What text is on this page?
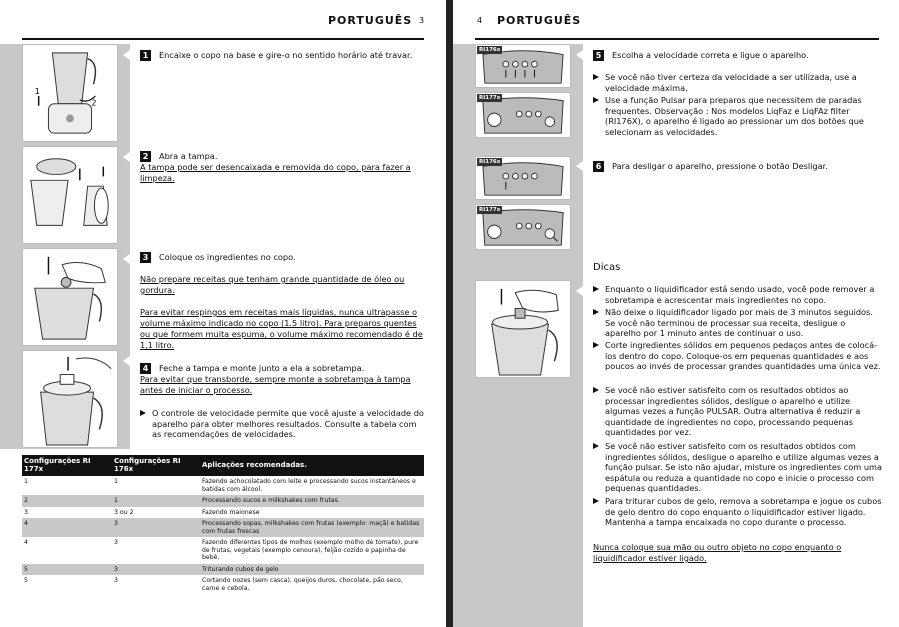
PORTUGUÊS 3
1
2
1 Encaixe o copo na base e gire-o no sentido horário até travar.
2 Abra a tampa.
A tampa pode ser desencaixada e removida do copo, para fazer a limpeza.
3 Coloque os ingredientes no copo.
Não prepare receitas que tenham grande quantidade de óleo ou gordura.
Para evitar respingos em receitas mais líquidas, nunca ultrapasse o volume máximo indicado no copo (1.5 litro). Para preparos quentes ou que formem muita espuma, o volume máximo recomendado é de 1,1 litro.
4 Feche a tampa e monte junto a ela a sobretampa.
Para evitar que transborde, sempre monte a sobretampa à tampa antes de iniciar o processo.
O controle de velocidade permite que você ajuste a velocidade do aparelho para obter melhores resultados. Consulte a tabela com as recomendações de velocidades.
Configurações RI 177x	Configurações RI 176x	Aplicações recomendadas.
1	1	Fazendo achocolatado com leite e processando sucos instantâneos e batidas com álcool.
2	1	Processando sucos e milkshakes com frutas.
3	3 ou 2	Fazendo maionese
4	3	Processando sopas, milkshakes com frutas (exemplo: maçã) e batidas com frutas frescas
4	3	Fazendo diferentes tipos de molhos (exemplo molho de tomate), pure de frutas, vegetais (exemplo cenoura), feijão cozido e papinha de bebê.
5	3	Triturando cubos de gelo
5	3	Cortando nozes (sem casca), queijos duros, chocolate, pão seco, carne e cebola.
4 PORTUGUÊS
RI176x
RI177x
RI176x
RI177x
5 Escolha a velocidade correta e ligue o aparelho.
Se você não tiver certeza da velocidade a ser utilizada, use a velocidade máxima.
Use a função Pulsar para preparos que necessitem de paradas frequentes. Observação : Nos modelos LiqFaz e LiqFAz filter (RI176X), o aparelho é ligado ao pressionar um dos botões que selecionam as velocidades.
6 Para desligar o aparelho, pressione o botão Desligar.
Dicas
Enquanto o liquidificador está sendo usado, você pode remover a sobretampa e acrescentar mais ingredientes no copo.
Não deixe o liquidificador ligado por mais de 3 minutos seguidos. Se você não terminou de processar sua receita, desligue o aparelho por 1 minuto antes de continuar o uso.
Corte ingredientes sólidos em pequenos pedaços antes de colocá-los dentro do copo. Coloque-os em pequenas quantidades e aos poucos ao invés de processar grandes quantidades uma única vez.
Se você não estiver satisfeito com os resultados obtidos ao processar ingredientes sólidos, desligue o aparelho e utilize algumas vezes a função PULSAR. Outra alternativa é reduzir a quantidade de ingredientes no copo, processando pequenas quantidades por vez.
Se você não estiver satisfeito com os resultados obtidos com ingredientes sólidos, desligue o aparelho e utilize algumas vezes a função pulsar. Se isto não ajudar, misture os ingredientes com uma espátula ou reduza a quantidade no copo e inicie o processo com pequenas quantidades.
Para triturar cubos de gelo, remova a sobretampa e jogue os cubos de gelo dentro do copo enquanto o liquidificador estiver ligado. Mantenha a tampa encaixada no copo durante o processo.
Nunca coloque sua mão ou outro objeto no copo enquanto o liquidificador estiver ligado.
